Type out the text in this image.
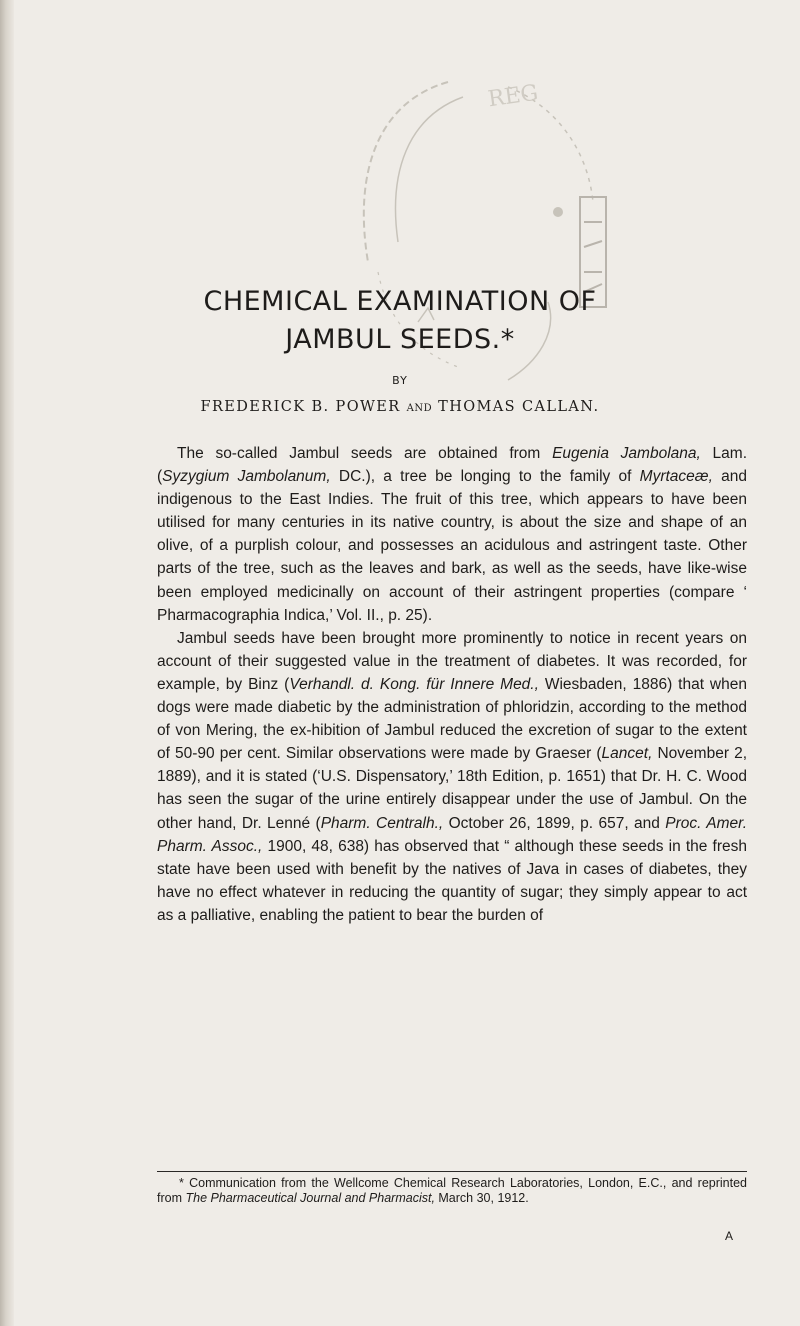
REG
CHEMICAL EXAMINATION OF
JAMBUL SEEDS.*
BY
FREDERICK B. POWER AND THOMAS CALLAN.

The so-called Jambul seeds are obtained from Eugenia Jambolana, Lam. (Syzygium Jambolanum, DC.), a tree be longing to the family of Myrtaceæ, and indigenous to the East Indies. The fruit of this tree, which appears to have been utilised for many centuries in its native country, is about the size and shape of an olive, of a purplish colour, and possesses an acidulous and astringent taste. Other parts of the tree, such as the leaves and bark, as well as the seeds, have like-wise been employed medicinally on account of their astringent properties (compare ‘ Pharmacographia Indica,’ Vol. II., p. 25).

Jambul seeds have been brought more prominently to notice in recent years on account of their suggested value in the treatment of diabetes. It was recorded, for example, by Binz (Verhandl. d. Kong. für Innere Med., Wiesbaden, 1886) that when dogs were made diabetic by the administration of phloridzin, according to the method of von Mering, the ex-hibition of Jambul reduced the excretion of sugar to the extent of 50-90 per cent. Similar observations were made by Graeser (Lancet, November 2, 1889), and it is stated (‘U.S. Dispensatory,’ 18th Edition, p. 1651) that Dr. H. C. Wood has seen the sugar of the urine entirely disappear under the use of Jambul. On the other hand, Dr. Lenné (Pharm. Centralh., October 26, 1899, p. 657, and Proc. Amer. Pharm. Assoc., 1900, 48, 638) has observed that “ although these seeds in the fresh state have been used with benefit by the natives of Java in cases of diabetes, they have no effect whatever in reducing the quantity of sugar; they simply appear to act as a palliative, enabling the patient to bear the burden of

* Communication from the Wellcome Chemical Research Laboratories, London, E.C., and reprinted from The Pharmaceutical Journal and Pharmacist, March 30, 1912.
A
